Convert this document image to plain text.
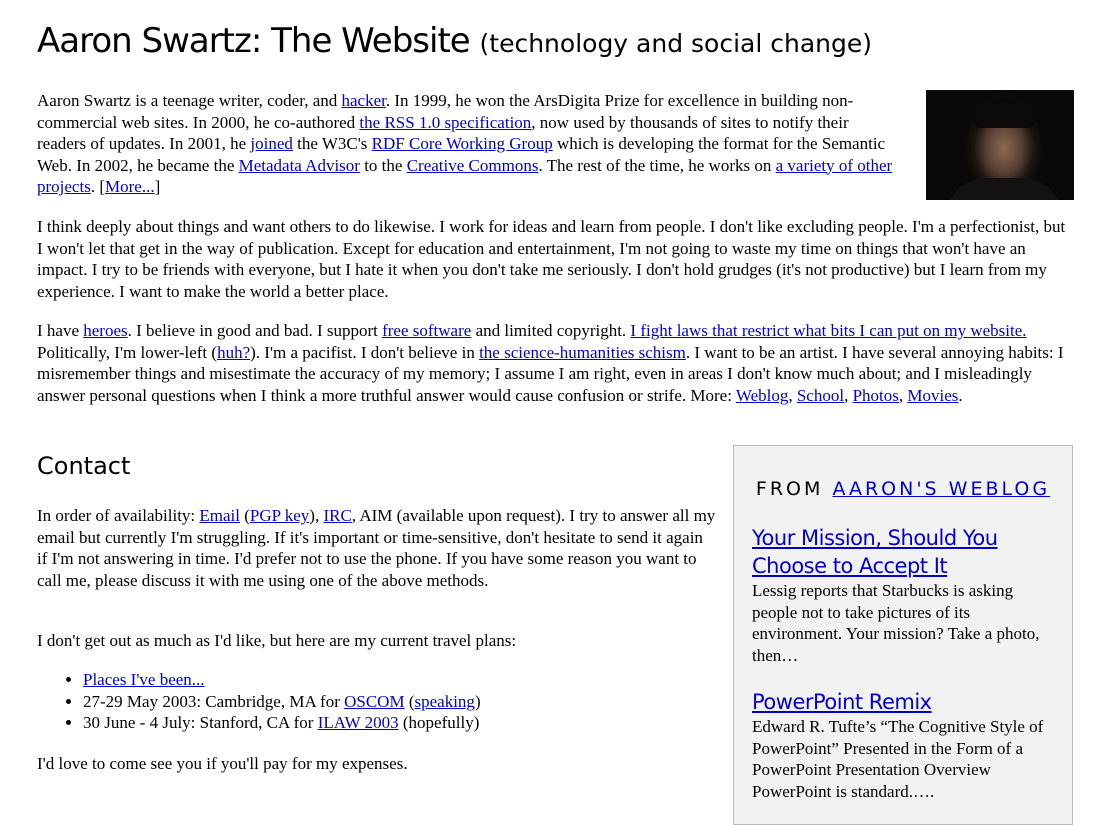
Aaron Swartz: The Website (technology and social change)

Aaron Swartz is a teenage writer, coder, and hacker. In 1999, he won the ArsDigita Prize for excellence in building non-commercial web sites. In 2000, he co-authored the RSS 1.0 specification, now used by thousands of sites to notify their readers of updates. In 2001, he joined the W3C's RDF Core Working Group which is developing the format for the Semantic Web. In 2002, he became the Metadata Advisor to the Creative Commons. The rest of the time, he works on a variety of other projects. [More...]

I think deeply about things and want others to do likewise. I work for ideas and learn from people. I don't like excluding people. I'm a perfectionist, but I won't let that get in the way of publication. Except for education and entertainment, I'm not going to waste my time on things that won't have an impact. I try to be friends with everyone, but I hate it when you don't take me seriously. I don't hold grudges (it's not productive) but I learn from my experience. I want to make the world a better place.

I have heroes. I believe in good and bad. I support free software and limited copyright. I fight laws that restrict what bits I can put on my website. Politically, I'm lower-left (huh?). I'm a pacifist. I don't believe in the science-humanities schism. I want to be an artist. I have several annoying habits: I misremember things and misestimate the accuracy of my memory; I assume I am right, even in areas I don't know much about; and I misleadingly answer personal questions when I think a more truthful answer would cause confusion or strife. More: Weblog, School, Photos, Movies.

Contact

In order of availability: Email (PGP key), IRC, AIM (available upon request). I try to answer all my email but currently I'm struggling. If it's important or time-sensitive, don't hesitate to send it again if I'm not answering in time. I'd prefer not to use the phone. If you have some reason you want to call me, please discuss it with me using one of the above methods.

I don't get out as much as I'd like, but here are my current travel plans:

• Places I've been...
• 27-29 May 2003: Cambridge, MA for OSCOM (speaking)
• 30 June - 4 July: Stanford, CA for ILAW 2003 (hopefully)

I'd love to come see you if you'll pay for my expenses.

FROM AARON'S WEBLOG
Your Mission, Should You Choose to Accept It

Lessig reports that Starbucks is asking people not to take pictures of its environment. Your mission? Take a photo, then…

PowerPoint Remix

Edward R. Tufte’s “The Cognitive Style of PowerPoint” Presented in the Form of a PowerPoint Presentation Overview PowerPoint is standard.….
